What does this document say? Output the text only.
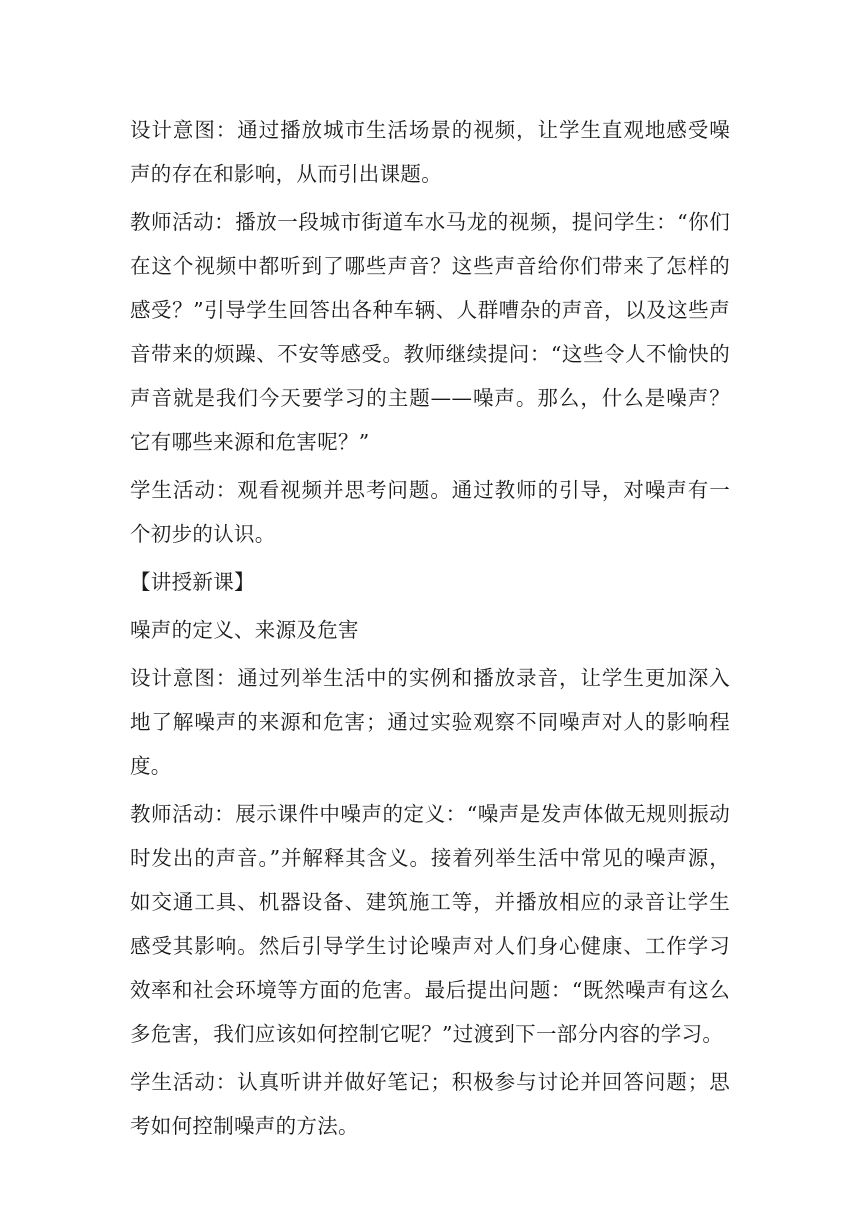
设计意图：通过播放城市生活场景的视频，让学生直观地感受噪声的存在和影响，从而引出课题。

教师活动：播放一段城市街道车水马龙的视频，提问学生：“你们在这个视频中都听到了哪些声音？这些声音给你们带来了怎样的感受？”引导学生回答出各种车辆、人群嘈杂的声音，以及这些声音带来的烦躁、不安等感受。教师继续提问：“这些令人不愉快的声音就是我们今天要学习的主题——噪声。那么，什么是噪声？它有哪些来源和危害呢？”

学生活动：观看视频并思考问题。通过教师的引导，对噪声有一个初步的认识。

【讲授新课】

噪声的定义、来源及危害

设计意图：通过列举生活中的实例和播放录音，让学生更加深入地了解噪声的来源和危害；通过实验观察不同噪声对人的影响程度。

教师活动：展示课件中噪声的定义：“噪声是发声体做无规则振动时发出的声音。”并解释其含义。接着列举生活中常见的噪声源，如交通工具、机器设备、建筑施工等，并播放相应的录音让学生感受其影响。然后引导学生讨论噪声对人们身心健康、工作学习效率和社会环境等方面的危害。最后提出问题：“既然噪声有这么多危害，我们应该如何控制它呢？”过渡到下一部分内容的学习。

学生活动：认真听讲并做好笔记；积极参与讨论并回答问题；思考如何控制噪声的方法。
